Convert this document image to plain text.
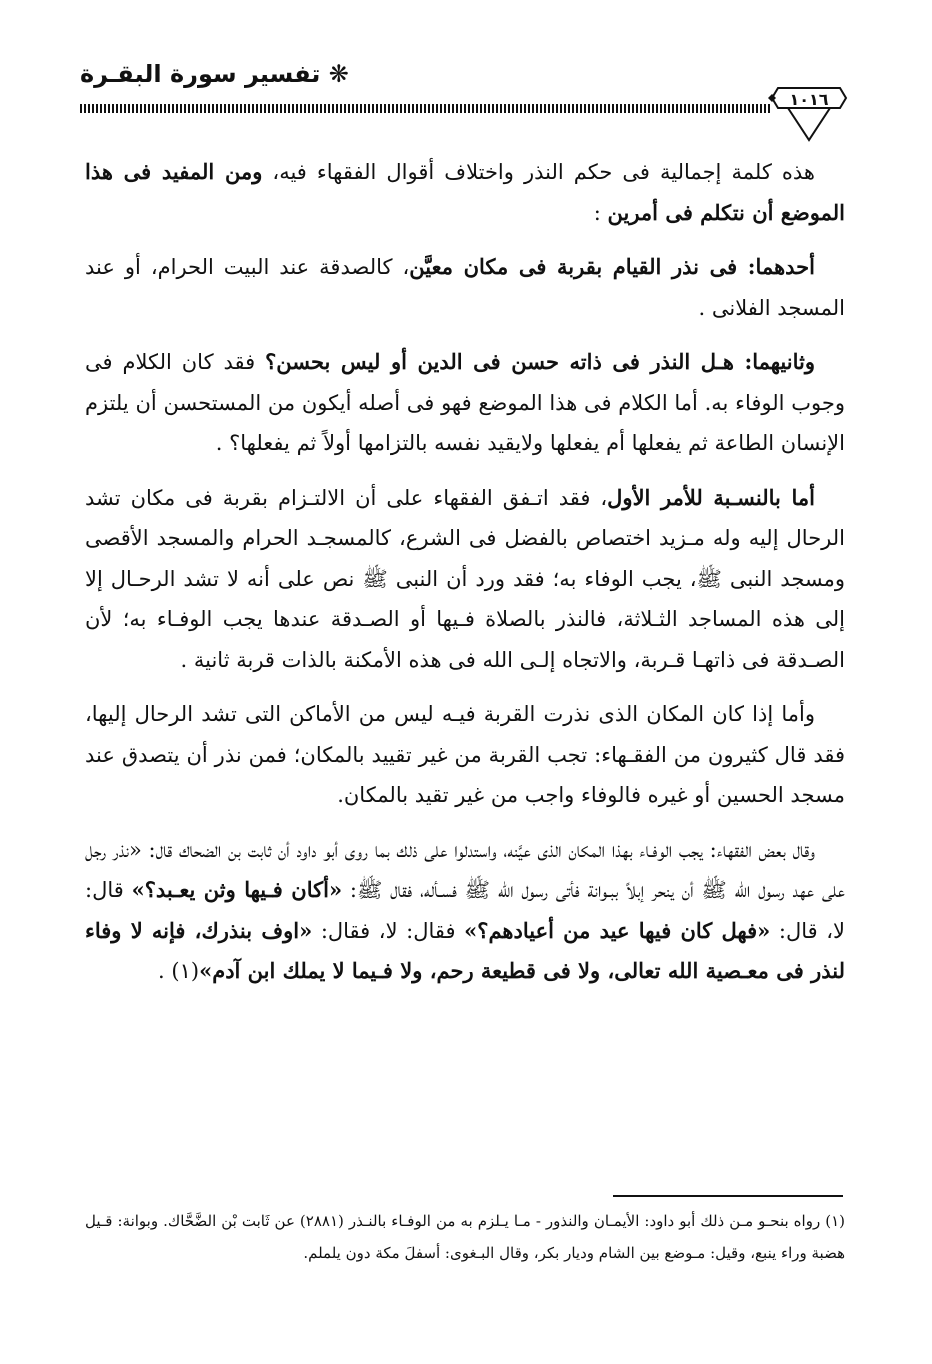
❋ تفسير سورة البقـرة
١٠١٦

هذه كلمة إجمالية فى حكم النذر واختلاف أقوال الفقهاء فيه، ومن المفيد فى هذا الموضع أن نتكلم فى أمرين :

أحدهما: فى نذر القيام بقربة فى مكان معيَّن، كالصدقة عند البيت الحرام، أو عند المسجد الفلانى .

وثانيهما: هـل النذر فى ذاته حسن فى الدين أو ليس بحسن؟ فقد كان الكلام فى وجوب الوفاء به. أما الكلام فى هذا الموضع فهو فى أصله أيكون من المستحسن أن يلتزم الإنسان الطاعة ثم يفعلها أم يفعلها ولايقيد نفسه بالتزامها أولاً ثم يفعلها؟ .

أما بالنسـبة للأمر الأول، فقد اتـفق الفقهاء على أن الالتـزام بقربة فى مكان تشد الرحال إليه وله مـزيد اختصاص بالفضل فى الشرع، كالمسجـد الحرام والمسجد الأقصى ومسجد النبى ﷺ، يجب الوفاء به؛ فقد ورد أن النبى ﷺ نص على أنه لا تشد الرحـال إلا إلى هذه المساجد الثـلاثة، فالنذر بالصلاة فـيها أو الصـدقة عندها يجب الوفـاء به؛ لأن الصـدقة فى ذاتهـا قـربة، والاتجاه إلـى الله فى هذه الأمكنة بالذات قربة ثانية .

وأما إذا كان المكان الذى نذرت القربة فيـه ليس من الأماكن التى تشد الرحال إليها، فقد قال كثيرون من الفقـهاء: تجب القربة من غير تقييد بالمكان؛ فمن نذر أن يتصدق عند مسجد الحسين أو غيره فالوفاء واجب من غير تقيد بالمكان.

وقال بعض الفقهاء: يجب الوفـاء بهذا المكان الذى عيَّنه، واستدلوا على ذلك بما روى أبو داود أن ثابت بن الضحاك قال: «نذر رجل على عهد رسول الله ﷺ أن ينحر إبلاً ببـوانة فأتى رسول الله ﷺ فسـأله، فقال ﷺ: «أكان فـيها وثن يعـبد؟» قال: لا، قال: «فهل كان فيها عيد من أعيادهم؟» فقال: لا، فقال: «اوف بنذرك، فإنه لا وفاء لنذر فى معـصية الله تعالى، ولا فى قطيعة رحم، ولا فـيما لا يملك ابن آدم»(١) .

(١) رواه بنحـو مـن ذلك أبو داود: الأيمـان والنذور - مـا يـلزم به من الوفـاء بالنـذر (٢٨٨١) عن ثَابت بْن الضَّحَّاك. وبوانة: قـيل هضبة وراء ينبع، وقيل: مـوضع بين الشام وديار بكر، وقال البـغوى: أسفلَ مكة دون يلملم.
